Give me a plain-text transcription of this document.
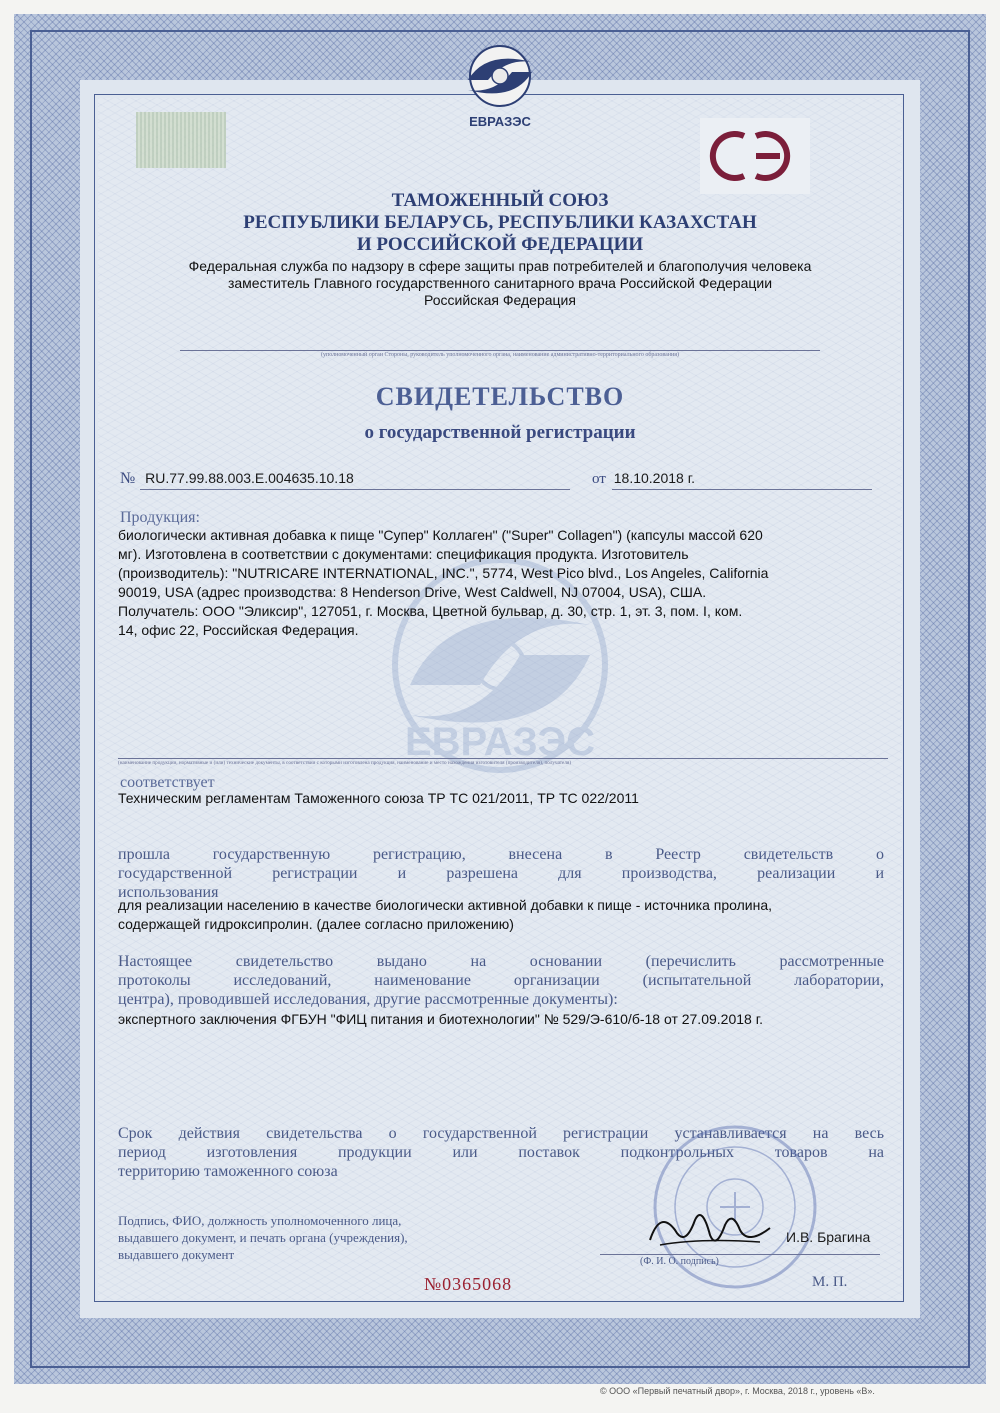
ЕВРАЗЭС
ТАМОЖЕННЫЙ СОЮЗ
РЕСПУБЛИКИ БЕЛАРУСЬ, РЕСПУБЛИКИ КАЗАХСТАН
И РОССИЙСКОЙ ФЕДЕРАЦИИ
Федеральная служба по надзору в сфере защиты прав потребителей и благополучия человека
заместитель Главного государственного санитарного врача Российской Федерации
Российская Федерация
(уполномоченный орган Стороны, руководитель уполномоченного органа, наименование административно-территориального образования)
СВИДЕТЕЛЬСТВО
о государственной регистрации
№ RU.77.99.88.003.Е.004635.10.18	от 18.10.2018 г.
ЕВРАЗЭС
Продукция:
биологически активная добавка к пище "Супер" Коллаген" ("Super" Collagen") (капсулы массой 620
мг). Изготовлена в соответствии с документами: спецификация продукта. Изготовитель
(производитель): "NUTRICARE INTERNATIONAL, INC.", 5774, West Pico blvd., Los Angeles, California
90019, USA (адрес производства: 8 Henderson Drive, West Caldwell, NJ 07004, USA), США.
Получатель: ООО "Эликсир", 127051, г. Москва, Цветной бульвар, д. 30, стр. 1, эт. 3, пом. I, ком.
14, офис 22, Российская Федерация.
(наименование продукции, нормативные и (или) технические документы, в соответствии с которыми изготовлена продукция, наименование и место нахождения изготовителя (производителя), получателя)
соответствует
Техническим регламентам Таможенного союза ТР ТС 021/2011, ТР ТС 022/2011
прошла государственную регистрацию, внесена в Реестр свидетельств о
государственной регистрации и разрешена для производства, реализации и
использования
для реализации населению в качестве биологически активной добавки к пище - источника пролина,
содержащей гидроксипролин. (далее согласно приложению)
Настоящее свидетельство выдано на основании (перечислить рассмотренные
протоколы исследований, наименование организации (испытательной лаборатории,
центра), проводившей исследования, другие рассмотренные документы):
экспертного заключения ФГБУН "ФИЦ питания и биотехнологии" № 529/Э-610/б-18 от 27.09.2018 г.
Срок действия свидетельства о государственной регистрации устанавливается на весь
период изготовления продукции или поставок подконтрольных товаров на
территорию таможенного союза
Подпись, ФИО, должность уполномоченного лица,
выдавшего документ, и печать органа (учреждения),
выдавшего документ
И.В. Брагина
(Ф. И. О. подпись)
М. П.
№0365068
© ООО «Первый печатный двор», г. Москва, 2018 г., уровень «В».
